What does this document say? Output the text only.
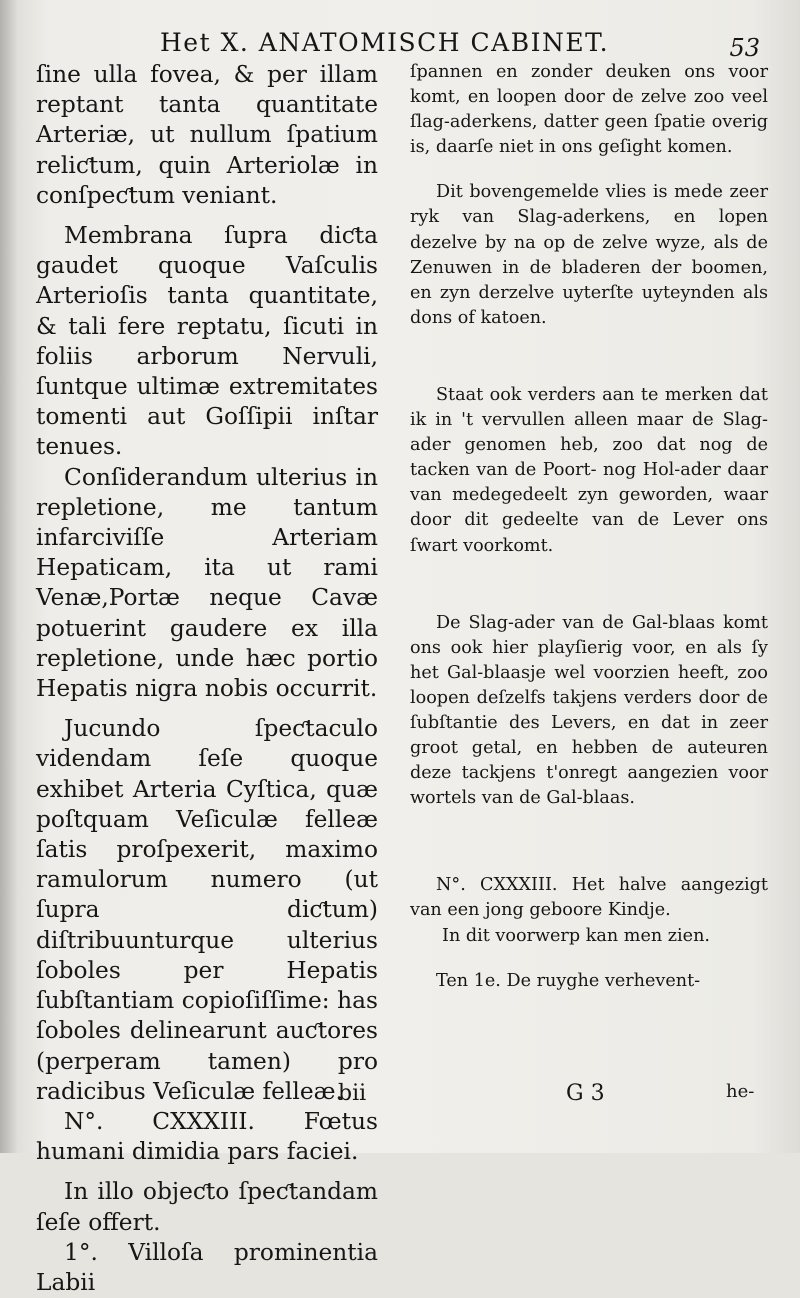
Het X. ANATOMISCH CABINET.	53

ſine ulla fovea, & per illam reptant tanta quantitate Arteriæ, ut nullum ſpatium reliƈtum, quin Arteriolæ in conſpeƈtum veniant.

Membrana ſupra diƈta gaudet quoque Vaſculis Arterioſis tanta quantitate, & tali fere reptatu, ſicuti in foliis arborum Nervuli, ſuntque ultimæ extremitates tomenti aut Goſſipii inſtar tenues.

Conſiderandum ulterius in repletione, me tantum infarciviſſe Arteriam Hepaticam, ita ut rami Venæ,Portæ neque Cavæ potuerint gaudere ex illa repletione, unde hæc portio Hepatis nigra nobis occurrit.

Jucundo ſpeƈtaculo videndam ſeſe quoque exhibet Arteria Cyſtica, quæ poſtquam Veſiculæ felleæ ſatis proſpexerit, maximo ramulorum numero (ut ſupra diƈtum) diſtribuunturque ulterius ſoboles per Hepatis ſubſtantiam copioſiſſime: has ſoboles delinearunt auƈtores (perperam tamen) pro radicibus Veſiculæ felleæ.

N°. CXXXIII. Fœtus humani dimidia pars faciei.

In illo objeƈto ſpeƈtandam ſeſe offert.

1°. Villoſa prominentia Labii

ſpannen en zonder deuken ons voor komt, en loopen door de zelve zoo veel ſlag-aderkens, datter geen ſpatie overig is, daarſe niet in ons geſight komen.

Dit bovengemelde vlies is mede zeer ryk van Slag-aderkens, en lopen dezelve by na op de zelve wyze, als de Zenuwen in de bladeren der boomen, en zyn derzelve uyterſte uyteynden als dons of katoen.

Staat ook verders aan te merken dat ik in 't vervullen alleen maar de Slag-ader genomen heb, zoo dat nog de tacken van de Poort- nog Hol-ader daar van medegedeelt zyn geworden, waar door dit gedeelte van de Lever ons ſwart voorkomt.

De Slag-ader van de Gal-blaas komt ons ook hier playſierig voor, en als ſy het Gal-blaasje wel voorzien heeft, zoo loopen deſzelfs takjens verders door de ſubſtantie des Levers, en dat in zeer groot getal, en hebben de auteuren deze tackjens t'onregt aangezien voor wortels van de Gal-blaas.

N°. CXXXIII. Het halve aangezigt van een jong geboore Kindje.

In dit voorwerp kan men zien.

Ten 1e. De ruyghe verhevent-

bii	G 3	he-
